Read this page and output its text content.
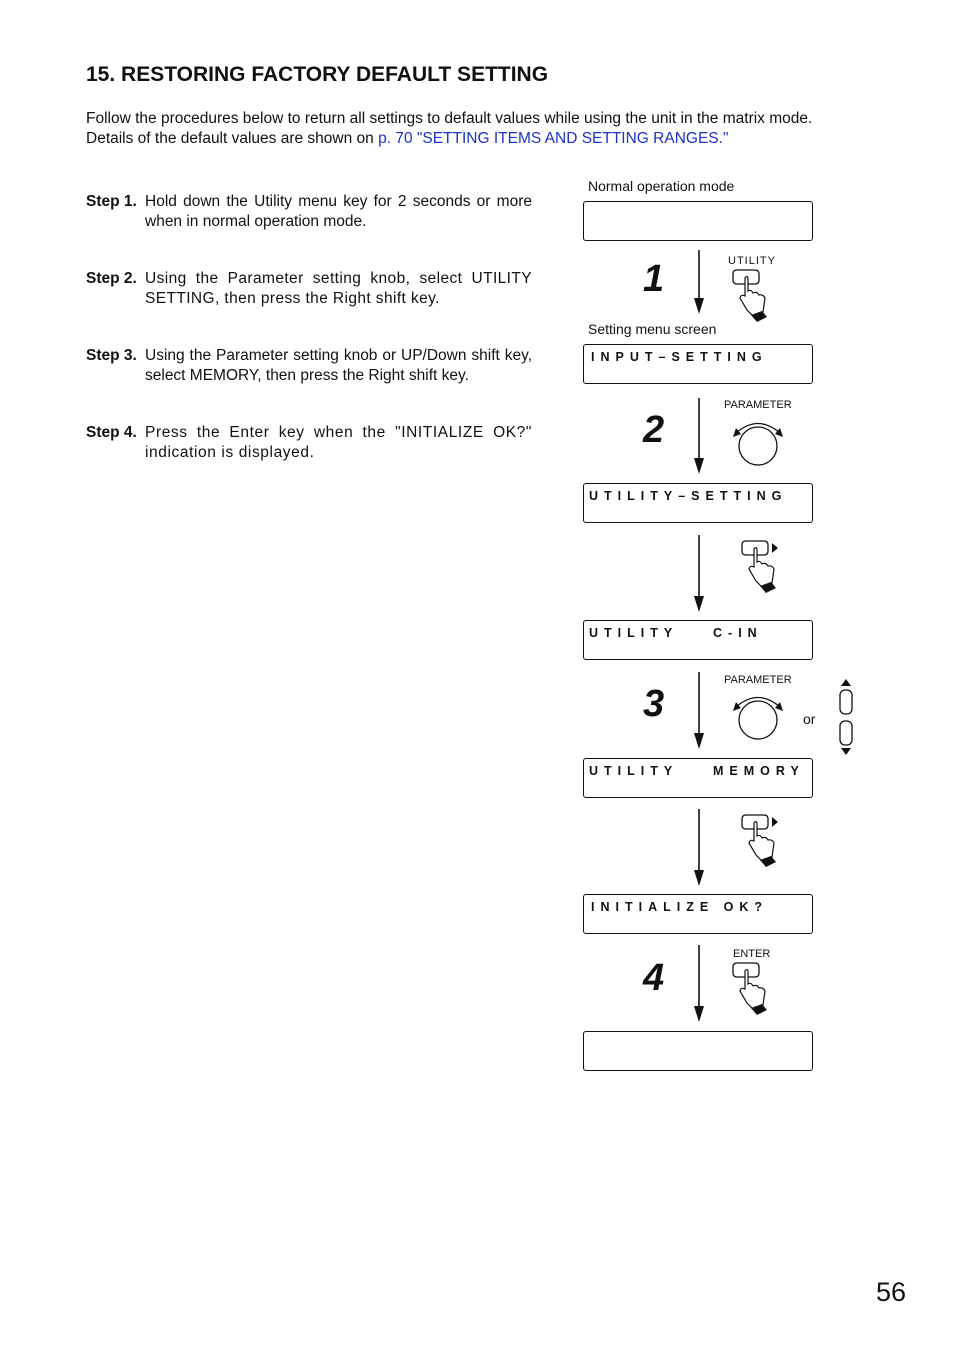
15. RESTORING FACTORY DEFAULT SETTING

Follow the procedures below to return all settings to default values while using the unit in the matrix mode.

Details of the default values are shown on p. 70 "SETTING ITEMS AND SETTING RANGES."

Step 1. Hold down the Utility menu key for 2 seconds or more when in normal operation mode.
Step 2. Using the Parameter setting knob, select UTILITY SETTING, then press the Right shift key.
Step 3. Using the Parameter setting knob or UP/Down shift key, select MEMORY, then press the Right shift key.
Step 4. Press the Enter key when the "INITIALIZE OK?" indication is displayed.
Normal operation mode
Setting menu screen
INPUT–SETTING
UTILITY–SETTING
UTILITY	C-IN
UTILITY	MEMORY
INITIALIZE OK?
1
2
3
4
UTILITY
PARAMETER
PARAMETER
ENTER
or
56
